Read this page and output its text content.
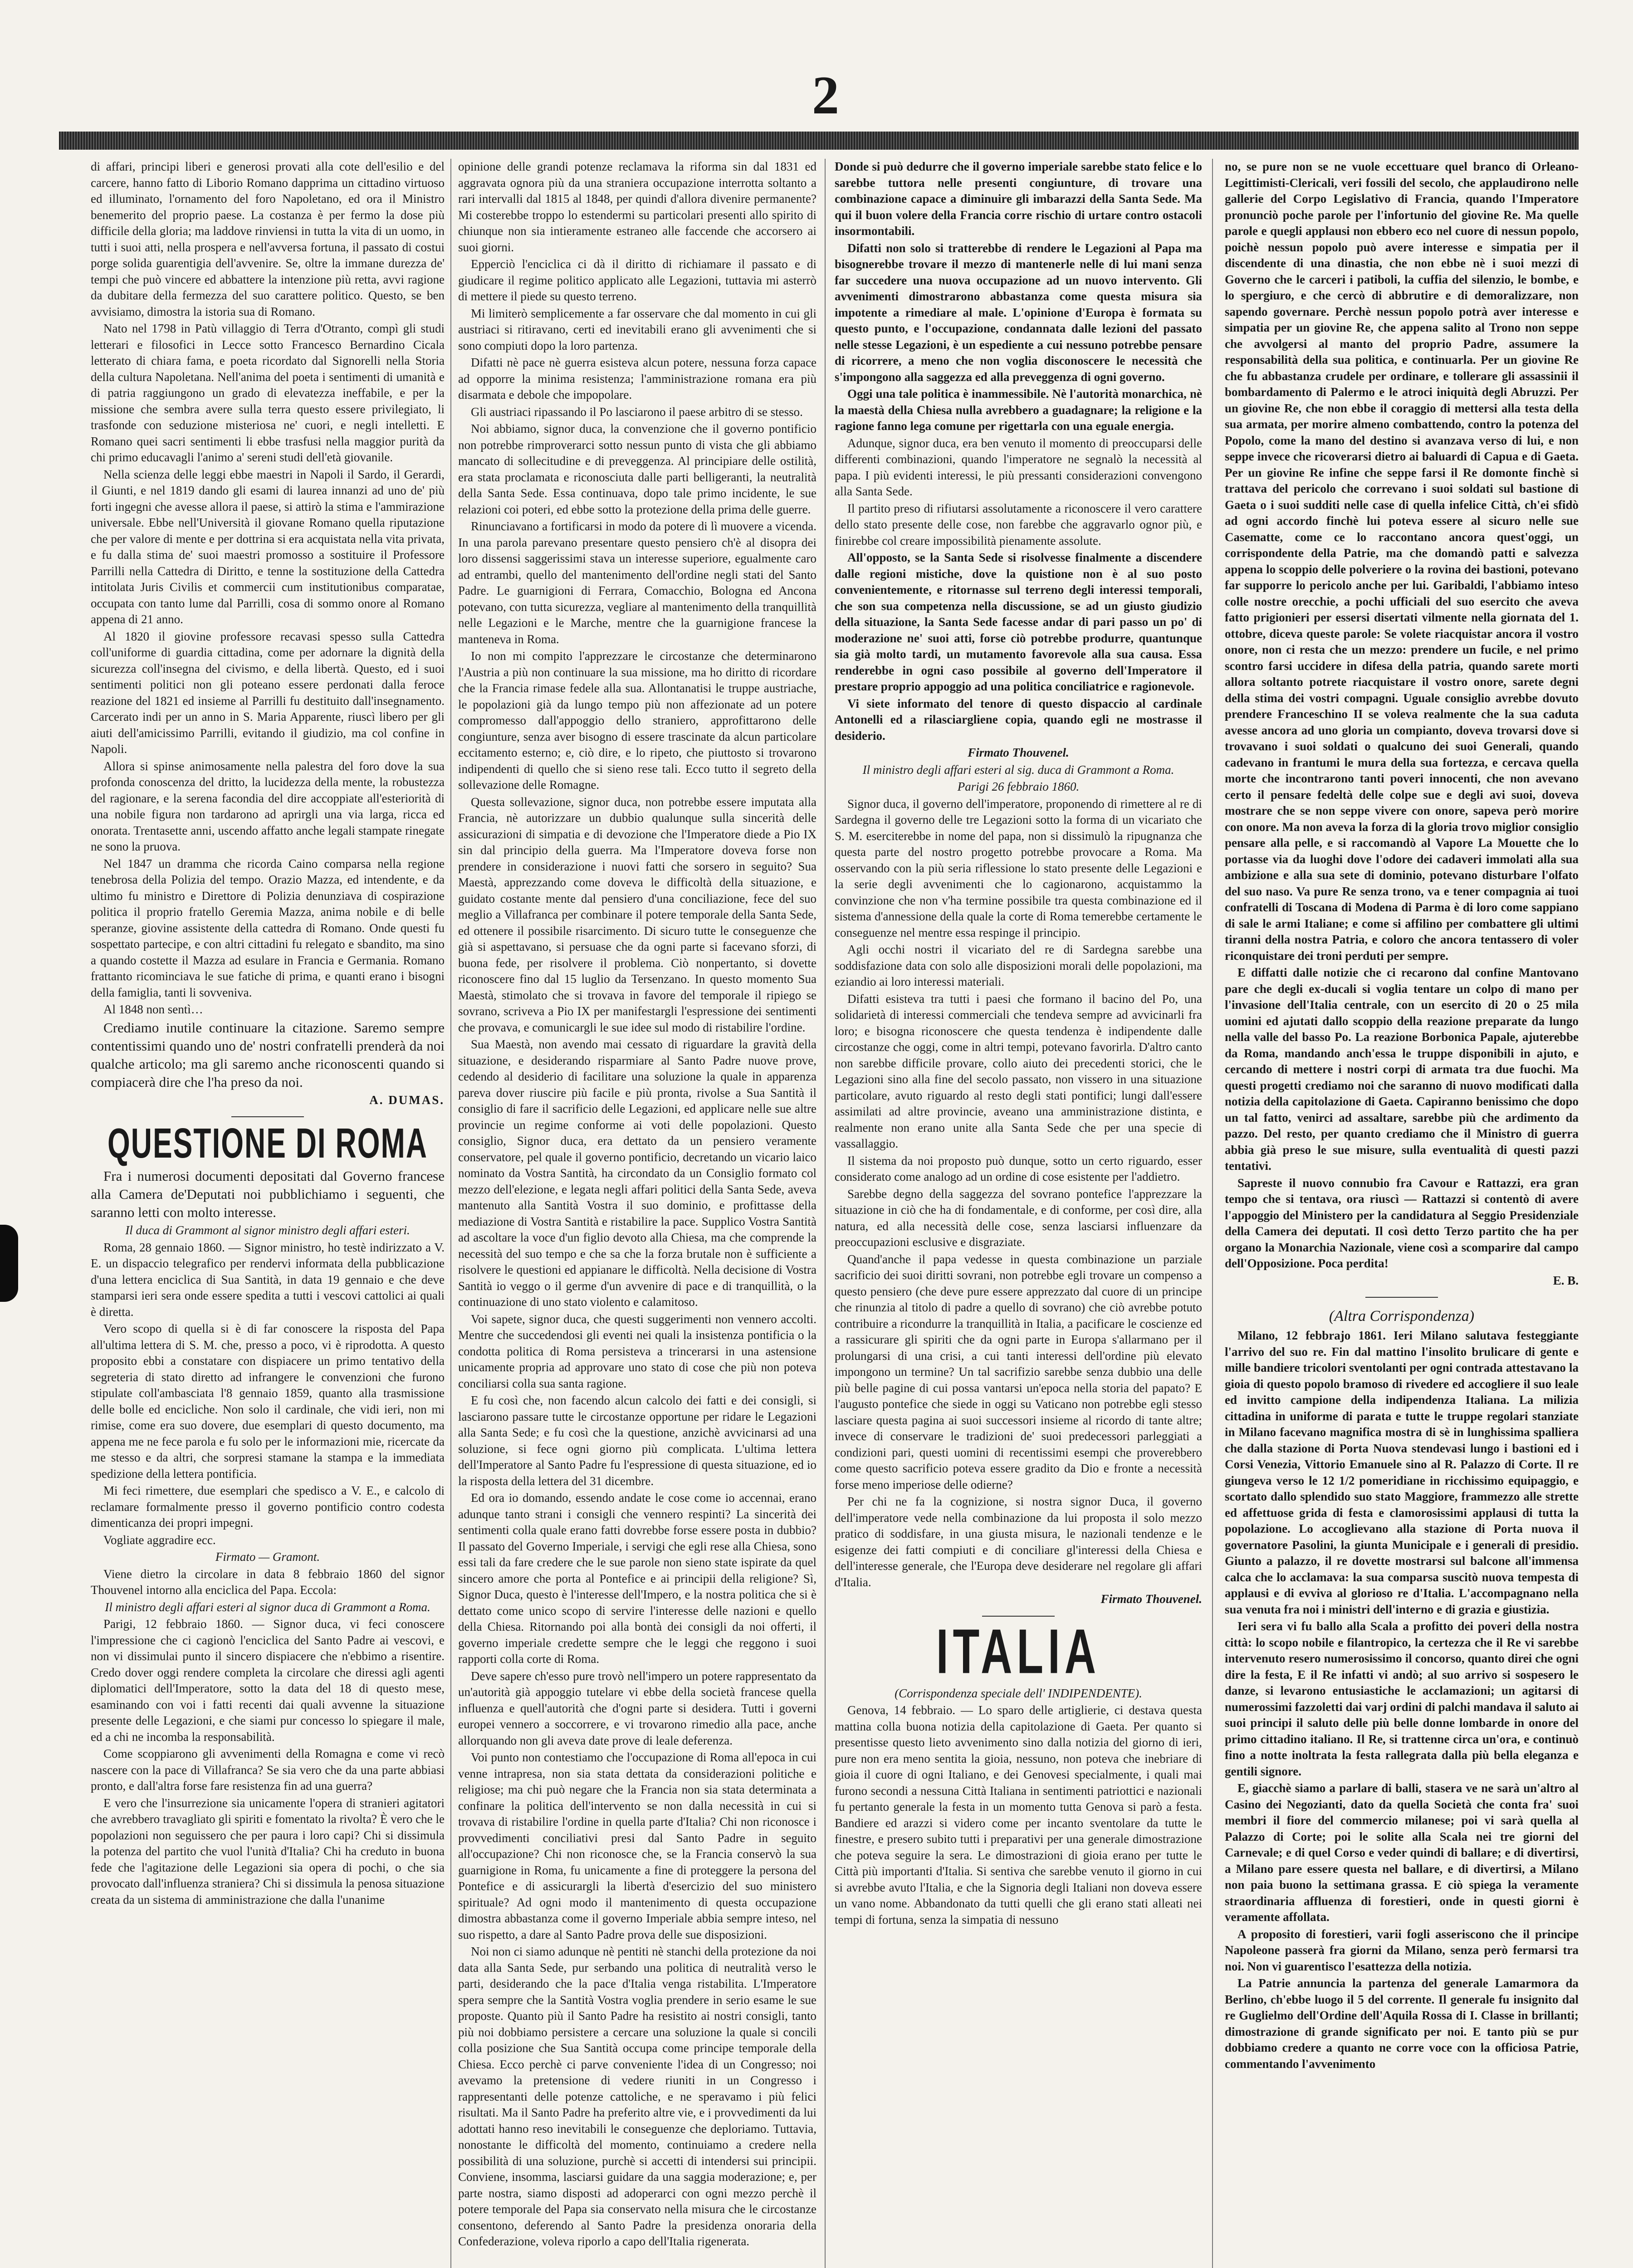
2

di affari, principi liberi e generosi provati alla cote dell'esilio e del carcere, hanno fatto di Liborio Romano dapprima un cittadino virtuoso ed illuminato, l'ornamento del foro Napoletano, ed ora il Ministro benemerito del proprio paese. La costanza è per fermo la dose più difficile della gloria; ma laddove rinviensi in tutta la vita di un uomo, in tutti i suoi atti, nella prospera e nell'avversa fortuna, il passato di costui porge solida guarentigia dell'avvenire. Se, oltre la immane durezza de' tempi che può vincere ed abbattere la intenzione più retta, avvi ragione da dubitare della fermezza del suo carattere politico. Questo, se ben avvisiamo, dimostra la istoria sua di Romano.

Nato nel 1798 in Patù villaggio di Terra d'Otranto, compì gli studi letterari e filosofici in Lecce sotto Francesco Bernardino Cicala letterato di chiara fama, e poeta ricordato dal Signorelli nella Storia della cultura Napoletana. Nell'anima del poeta i sentimenti di umanità e di patria raggiungono un grado di elevatezza ineffabile, e per la missione che sembra avere sulla terra questo essere privilegiato, li trasfonde con seduzione misteriosa ne' cuori, e negli intelletti. E Romano quei sacri sentimenti li ebbe trasfusi nella maggior purità da chi primo educavagli l'animo a' sereni studi dell'età giovanile.

Nella scienza delle leggi ebbe maestri in Napoli il Sardo, il Gerardi, il Giunti, e nel 1819 dando gli esami di laurea innanzi ad uno de' più forti ingegni che avesse allora il paese, si attirò la stima e l'ammirazione universale. Ebbe nell'Università il giovane Romano quella riputazione che per valore di mente e per dottrina si era acquistata nella vita privata, e fu dalla stima de' suoi maestri promosso a sostituire il Professore Parrilli nella Cattedra di Diritto, e tenne la sostituzione della Cattedra intitolata Juris Civilis et commercii cum institutionibus comparatae, occupata con tanto lume dal Parrilli, cosa di sommo onore al Romano appena di 21 anno.

Al 1820 il giovine professore recavasi spesso sulla Cattedra coll'uniforme di guardia cittadina, come per adornare la dignità della sicurezza coll'insegna del civismo, e della libertà. Questo, ed i suoi sentimenti politici non gli poteano essere perdonati dalla feroce reazione del 1821 ed insieme al Parrilli fu destituito dall'insegnamento. Carcerato indi per un anno in S. Maria Apparente, riuscì libero per gli aiuti dell'amicissimo Parrilli, evitando il giudizio, ma col confine in Napoli.

Allora si spinse animosamente nella palestra del foro dove la sua profonda conoscenza del dritto, la lucidezza della mente, la robustezza del ragionare, e la serena facondia del dire accoppiate all'esteriorità di una nobile figura non tardarono ad aprirgli una via larga, ricca ed onorata. Trentasette anni, uscendo affatto anche legali stampate rinegate ne sono la pruova.

Nel 1847 un dramma che ricorda Caino comparsa nella regione tenebrosa della Polizia del tempo. Orazio Mazza, ed intendente, e da ultimo fu ministro e Direttore di Polizia denunziava di cospirazione politica il proprio fratello Geremia Mazza, anima nobile e di belle speranze, giovine assistente della cattedra di Romano. Onde questi fu sospettato partecipe, e con altri cittadini fu relegato e sbandito, ma sino a quando costette il Mazza ad esulare in Francia e Germania. Romano frattanto ricominciava le sue fatiche di prima, e quanti erano i bisogni della famiglia, tanti li sovveniva.

Al 1848 non sentì…

Crediamo inutile continuare la citazione. Saremo sempre contentissimi quando uno de' nostri confratelli prenderà da noi qualche articolo; ma gli saremo anche riconoscenti quando si compiacerà dire che l'ha preso da noi.

A. DUMAS.

QUESTIONE DI ROMA

Fra i numerosi documenti depositati dal Governo francese alla Camera de'Deputati noi pubblichiamo i seguenti, che saranno letti con molto interesse.

Il duca di Grammont al signor ministro degli affari esteri.

Roma, 28 gennaio 1860. — Signor ministro, ho testè indirizzato a V. E. un dispaccio telegrafico per rendervi informata della pubblicazione d'una lettera enciclica di Sua Santità, in data 19 gennaio e che deve stamparsi ieri sera onde essere spedita a tutti i vescovi cattolici ai quali è diretta.

Vero scopo di quella si è di far conoscere la risposta del Papa all'ultima lettera di S. M. che, presso a poco, vi è riprodotta. A questo proposito ebbi a constatare con dispiacere un primo tentativo della segreteria di stato diretto ad infrangere le convenzioni che furono stipulate coll'ambasciata l'8 gennaio 1859, quanto alla trasmissione delle bolle ed encicliche. Non solo il cardinale, che vidi ieri, non mi rimise, come era suo dovere, due esemplari di questo documento, ma appena me ne fece parola e fu solo per le informazioni mie, ricercate da me stesso e da altri, che sorpresi stamane la stampa e la immediata spedizione della lettera pontificia.

Mi feci rimettere, due esemplari che spedisco a V. E., e calcolo di reclamare formalmente presso il governo pontificio contro codesta dimenticanza dei propri impegni.

Vogliate aggradire ecc.

Firmato — Gramont.

Viene dietro la circolare in data 8 febbraio 1860 del signor Thouvenel intorno alla enciclica del Papa. Eccola:

Il ministro degli affari esteri al signor duca di Grammont a Roma.

Parigi, 12 febbraio 1860. — Signor duca, vi feci conoscere l'impressione che ci cagionò l'enciclica del Santo Padre ai vescovi, e non vi dissimulai punto il sincero dispiacere che n'ebbimo a risentire. Credo dover oggi rendere completa la circolare che diressi agli agenti diplomatici dell'Imperatore, sotto la data del 18 di questo mese, esaminando con voi i fatti recenti dai quali avvenne la situazione presente delle Legazioni, e che siami pur concesso lo spiegare il male, ed a chi ne incomba la responsabilità.

Come scoppiarono gli avvenimenti della Romagna e come vi recò nascere con la pace di Villafranca? Se sia vero che da una parte abbiasi pronto, e dall'altra forse fare resistenza fin ad una guerra?

E vero che l'insurrezione sia unicamente l'opera di stranieri agitatori che avrebbero travagliato gli spiriti e fomentato la rivolta? È vero che le popolazioni non seguissero che per paura i loro capi? Chi si dissimula la potenza del partito che vuol l'unità d'Italia? Chi ha creduto in buona fede che l'agitazione delle Legazioni sia opera di pochi, o che sia provocato dall'influenza straniera? Chi si dissimula la penosa situazione creata da un sistema di amministrazione che dalla l'unanime

opinione delle grandi potenze reclamava la riforma sin dal 1831 ed aggravata ognora più da una straniera occupazione interrotta soltanto a rari intervalli dal 1815 al 1848, per quindi d'allora divenire permanente? Mi costerebbe troppo lo estendermi su particolari presenti allo spirito di chiunque non sia intieramente estraneo alle faccende che accorsero ai suoi giorni.

Epperciò l'enciclica ci dà il diritto di richiamare il passato e di giudicare il regime politico applicato alle Legazioni, tuttavia mi asterrò di mettere il piede su questo terreno.

Mi limiterò semplicemente a far osservare che dal momento in cui gli austriaci si ritiravano, certi ed inevitabili erano gli avvenimenti che si sono compiuti dopo la loro partenza.

Difatti nè pace nè guerra esisteva alcun potere, nessuna forza capace ad opporre la minima resistenza; l'amministrazione romana era più disarmata e debole che impopolare.

Gli austriaci ripassando il Po lasciarono il paese arbitro di se stesso.

Noi abbiamo, signor duca, la convenzione che il governo pontificio non potrebbe rimproverarci sotto nessun punto di vista che gli abbiamo mancato di sollecitudine e di preveggenza. Al principiare delle ostilità, era stata proclamata e riconosciuta dalle parti belligeranti, la neutralità della Santa Sede. Essa continuava, dopo tale primo incidente, le sue relazioni coi poteri, ed ebbe sotto la protezione della prima delle guerre.

Rinunciavano a fortificarsi in modo da potere di lì muovere a vicenda. In una parola parevano presentare questo pensiero ch'è al disopra dei loro dissensi saggerissimi stava un interesse superiore, egualmente caro ad entrambi, quello del mantenimento dell'ordine negli stati del Santo Padre. Le guarnigioni di Ferrara, Comacchio, Bologna ed Ancona potevano, con tutta sicurezza, vegliare al mantenimento della tranquillità nelle Legazioni e le Marche, mentre che la guarnigione francese la manteneva in Roma.

Io non mi compito l'apprezzare le circostanze che determinarono l'Austria a più non continuare la sua missione, ma ho diritto di ricordare che la Francia rimase fedele alla sua. Allontanatisi le truppe austriache, le popolazioni già da lungo tempo più non affezionate ad un potere compromesso dall'appoggio dello straniero, approfittarono delle congiunture, senza aver bisogno di essere trascinate da alcun particolare eccitamento esterno; e, ciò dire, e lo ripeto, che piuttosto si trovarono indipendenti di quello che si sieno rese tali. Ecco tutto il segreto della sollevazione delle Romagne.

Questa sollevazione, signor duca, non potrebbe essere imputata alla Francia, nè autorizzare un dubbio qualunque sulla sincerità delle assicurazioni di simpatia e di devozione che l'Imperatore diede a Pio IX sin dal principio della guerra. Ma l'Imperatore doveva forse non prendere in considerazione i nuovi fatti che sorsero in seguito? Sua Maestà, apprezzando come doveva le difficoltà della situazione, e guidato costante mente dal pensiero d'una conciliazione, fece del suo meglio a Villafranca per combinare il potere temporale della Santa Sede, ed ottenere il possibile risarcimento. Di sicuro tutte le conseguenze che già si aspettavano, si persuase che da ogni parte si facevano sforzi, di buona fede, per risolvere il problema. Ciò nonpertanto, si dovette riconoscere fino dal 15 luglio da Tersenzano. In questo momento Sua Maestà, stimolato che si trovava in favore del temporale il ripiego se sovrano, scriveva a Pio IX per manifestargli l'espressione dei sentimenti che provava, e comunicargli le sue idee sul modo di ristabilire l'ordine.

Sua Maestà, non avendo mai cessato di riguardare la gravità della situazione, e desiderando risparmiare al Santo Padre nuove prove, cedendo al desiderio di facilitare una soluzione la quale in apparenza pareva dover riuscire più facile e più pronta, rivolse a Sua Santità il consiglio di fare il sacrificio delle Legazioni, ed applicare nelle sue altre provincie un regime conforme ai voti delle popolazioni. Questo consiglio, Signor duca, era dettato da un pensiero veramente conservatore, pel quale il governo pontificio, decretando un vicario laico nominato da Vostra Santità, ha circondato da un Consiglio formato col mezzo dell'elezione, e legata negli affari politici della Santa Sede, aveva mantenuto alla Santità Vostra il suo dominio, e profittasse della mediazione di Vostra Santità e ristabilire la pace. Supplico Vostra Santità ad ascoltare la voce d'un figlio devoto alla Chiesa, ma che comprende la necessità del suo tempo e che sa che la forza brutale non è sufficiente a risolvere le questioni ed appianare le difficoltà. Nella decisione di Vostra Santità io veggo o il germe d'un avvenire di pace e di tranquillità, o la continuazione di uno stato violento e calamitoso.

Voi sapete, signor duca, che questi suggerimenti non vennero accolti. Mentre che succedendosi gli eventi nei quali la insistenza pontificia o la condotta politica di Roma persisteva a trincerarsi in una astensione unicamente propria ad approvare uno stato di cose che più non poteva conciliarsi colla sua santa ragione.

E fu così che, non facendo alcun calcolo dei fatti e dei consigli, si lasciarono passare tutte le circostanze opportune per ridare le Legazioni alla Santa Sede; e fu così che la questione, anzichè avvicinarsi ad una soluzione, si fece ogni giorno più complicata. L'ultima lettera dell'Imperatore al Santo Padre fu l'espressione di questa situazione, ed io la risposta della lettera del 31 dicembre.

Ed ora io domando, essendo andate le cose come io accennai, erano adunque tanto strani i consigli che vennero respinti? La sincerità dei sentimenti colla quale erano fatti dovrebbe forse essere posta in dubbio? Il passato del Governo Imperiale, i servigi che egli rese alla Chiesa, sono essi tali da fare credere che le sue parole non sieno state ispirate da quel sincero amore che porta al Pontefice e ai principii della religione? Sì, Signor Duca, questo è l'interesse dell'Impero, e la nostra politica che si è dettato come unico scopo di servire l'interesse delle nazioni e quello della Chiesa. Ritornando poi alla bontà dei consigli da noi offerti, il governo imperiale credette sempre che le leggi che reggono i suoi rapporti colla corte di Roma.

Deve sapere ch'esso pure trovò nell'impero un potere rappresentato da un'autorità già appoggio tutelare vi ebbe della società francese quella influenza e quell'autorità che d'ogni parte si desidera. Tutti i governi europei vennero a soccorrere, e vi trovarono rimedio alla pace, anche allorquando non gli aveva date prove di leale deferenza.

Voi punto non contestiamo che l'occupazione di Roma all'epoca in cui venne intrapresa, non sia stata dettata da considerazioni politiche e religiose; ma chi può negare che la Francia non sia stata determinata a confinare la politica dell'intervento se non dalla necessità in cui si trovava di ristabilire l'ordine in quella parte d'Italia? Chi non riconosce i provvedimenti conciliativi presi dal Santo Padre in seguito all'occupazione? Chi non riconosce che, se la Francia conservò la sua guarnigione in Roma, fu unicamente a fine di proteggere la persona del Pontefice e di assicurargli la libertà d'esercizio del suo ministero spirituale? Ad ogni modo il mantenimento di questa occupazione dimostra abbastanza come il governo Imperiale abbia sempre inteso, nel suo rispetto, a dare al Santo Padre prova delle sue disposizioni.

Noi non ci siamo adunque nè pentiti nè stanchi della protezione da noi data alla Santa Sede, pur serbando una politica di neutralità verso le parti, desiderando che la pace d'Italia venga ristabilita. L'Imperatore spera sempre che la Santità Vostra voglia prendere in serio esame le sue proposte. Quanto più il Santo Padre ha resistito ai nostri consigli, tanto più noi dobbiamo persistere a cercare una soluzione la quale si concili colla posizione che Sua Santità occupa come principe temporale della Chiesa. Ecco perchè ci parve conveniente l'idea di un Congresso; noi avevamo la pretensione di vedere riuniti in un Congresso i rappresentanti delle potenze cattoliche, e ne speravamo i più felici risultati. Ma il Santo Padre ha preferito altre vie, e i provvedimenti da lui adottati hanno reso inevitabili le conseguenze che deploriamo. Tuttavia, nonostante le difficoltà del momento, continuiamo a credere nella possibilità di una soluzione, purchè si accetti di intendersi sui principii. Conviene, insomma, lasciarsi guidare da una saggia moderazione; e, per parte nostra, siamo disposti ad adoperarci con ogni mezzo perchè il potere temporale del Papa sia conservato nella misura che le circostanze consentono, deferendo al Santo Padre la presidenza onoraria della Confederazione, voleva riporlo a capo dell'Italia rigenerata.

Donde si può dedurre che il governo imperiale sarebbe stato felice e lo sarebbe tuttora nelle presenti congiunture, di trovare una combinazione capace a diminuire gli imbarazzi della Santa Sede. Ma qui il buon volere della Francia corre rischio di urtare contro ostacoli insormontabili.

Difatti non solo si tratterebbe di rendere le Legazioni al Papa ma bisognerebbe trovare il mezzo di mantenerle nelle di lui mani senza far succedere una nuova occupazione ad un nuovo intervento. Gli avvenimenti dimostrarono abbastanza come questa misura sia impotente a rimediare al male. L'opinione d'Europa è formata su questo punto, e l'occupazione, condannata dalle lezioni del passato nelle stesse Legazioni, è un espediente a cui nessuno potrebbe pensare di ricorrere, a meno che non voglia disconoscere le necessità che s'impongono alla saggezza ed alla preveggenza di ogni governo.

Oggi una tale politica è inammessibile. Nè l'autorità monarchica, nè la maestà della Chiesa nulla avrebbero a guadagnare; la religione e la ragione fanno lega comune per rigettarla con una eguale energia.

Adunque, signor duca, era ben venuto il momento di preoccuparsi delle differenti combinazioni, quando l'imperatore ne segnalò la necessità al papa. I più evidenti interessi, le più pressanti considerazioni convengono alla Santa Sede.

Il partito preso di rifiutarsi assolutamente a riconoscere il vero carattere dello stato presente delle cose, non farebbe che aggravarlo ognor più, e finirebbe col creare impossibilità pienamente assolute.

All'opposto, se la Santa Sede si risolvesse finalmente a discendere dalle regioni mistiche, dove la quistione non è al suo posto convenientemente, e ritornasse sul terreno degli interessi temporali, che son sua competenza nella discussione, se ad un giusto giudizio della situazione, la Santa Sede facesse andar di pari passo un po' di moderazione ne' suoi atti, forse ciò potrebbe produrre, quantunque sia già molto tardi, un mutamento favorevole alla sua causa. Essa renderebbe in ogni caso possibile al governo dell'Imperatore il prestare proprio appoggio ad una politica conciliatrice e ragionevole.

Vi siete informato del tenore di questo dispaccio al cardinale Antonelli ed a rilasciargliene copia, quando egli ne mostrasse il desiderio.

Firmato Thouvenel.

Il ministro degli affari esteri al sig. duca di Grammont a Roma.

Parigi 26 febbraio 1860.

Signor duca, il governo dell'imperatore, proponendo di rimettere al re di Sardegna il governo delle tre Legazioni sotto la forma di un vicariato che S. M. eserciterebbe in nome del papa, non si dissimulò la ripugnanza che questa parte del nostro progetto potrebbe provocare a Roma. Ma osservando con la più seria riflessione lo stato presente delle Legazioni e la serie degli avvenimenti che lo cagionarono, acquistammo la convinzione che non v'ha termine possibile tra questa combinazione ed il sistema d'annessione della quale la corte di Roma temerebbe certamente le conseguenze nel mentre essa respinge il principio.

Agli occhi nostri il vicariato del re di Sardegna sarebbe una soddisfazione data con solo alle disposizioni morali delle popolazioni, ma eziandio ai loro interessi materiali.

Difatti esisteva tra tutti i paesi che formano il bacino del Po, una solidarietà di interessi commerciali che tendeva sempre ad avvicinarli fra loro; e bisogna riconoscere che questa tendenza è indipendente dalle circostanze che oggi, come in altri tempi, potevano favorirla. D'altro canto non sarebbe difficile provare, collo aiuto dei precedenti storici, che le Legazioni sino alla fine del secolo passato, non vissero in una situazione particolare, avuto riguardo al resto degli stati pontifici; lungi dall'essere assimilati ad altre provincie, aveano una amministrazione distinta, e realmente non erano unite alla Santa Sede che per una specie di vassallaggio.

Il sistema da noi proposto può dunque, sotto un certo riguardo, esser considerato come analogo ad un ordine di cose esistente per l'addietro.

Sarebbe degno della saggezza del sovrano pontefice l'apprezzare la situazione in ciò che ha di fondamentale, e di conforme, per così dire, alla natura, ed alla necessità delle cose, senza lasciarsi influenzare da preoccupazioni esclusive e disgraziate.

Quand'anche il papa vedesse in questa combinazione un parziale sacrificio dei suoi diritti sovrani, non potrebbe egli trovare un compenso a questo pensiero (che deve pure essere apprezzato dal cuore di un principe che rinunzia al titolo di padre a quello di sovrano) che ciò avrebbe potuto contribuire a ricondurre la tranquillità in Italia, a pacificare le coscienze ed a rassicurare gli spiriti che da ogni parte in Europa s'allarmano per il prolungarsi di una crisi, a cui tanti interessi dell'ordine più elevato impongono un termine? Un tal sacrifizio sarebbe senza dubbio una delle più belle pagine di cui possa vantarsi un'epoca nella storia del papato? E l'augusto pontefice che siede in oggi su Vaticano non potrebbe egli stesso lasciare questa pagina ai suoi successori insieme al ricordo di tante altre; invece di conservare le tradizioni de' suoi predecessori parleggiati a condizioni pari, questi uomini di recentissimi esempi che proverebbero come questo sacrificio poteva essere gradito da Dio e fronte a necessità forse meno imperiose delle odierne?

Per chi ne fa la cognizione, si nostra signor Duca, il governo dell'imperatore vede nella combinazione da lui proposta il solo mezzo pratico di soddisfare, in una giusta misura, le nazionali tendenze e le esigenze dei fatti compiuti e di conciliare gl'interessi della Chiesa e dell'interesse generale, che l'Europa deve desiderare nel regolare gli affari d'Italia.

Firmato Thouvenel.

ITALIA

(Corrispondenza speciale dell' INDIPENDENTE).

Genova, 14 febbraio. — Lo sparo delle artiglierie, ci destava questa mattina colla buona notizia della capitolazione di Gaeta. Per quanto si presentisse questo lieto avvenimento sino dalla notizia del giorno di ieri, pure non era meno sentita la gioia, nessuno, non poteva che inebriare di gioia il cuore di ogni Italiano, e dei Genovesi specialmente, i quali mai furono secondi a nessuna Città Italiana in sentimenti patriottici e nazionali fu pertanto generale la festa in un momento tutta Genova si parò a festa. Bandiere ed arazzi si videro come per incanto sventolare da tutte le finestre, e presero subito tutti i preparativi per una generale dimostrazione che poteva seguire la sera. Le dimostrazioni di gioia erano per tutte le Città più importanti d'Italia. Si sentiva che sarebbe venuto il giorno in cui si avrebbe avuto l'Italia, e che la Signoria degli Italiani non doveva essere un vano nome. Abbandonato da tutti quelli che gli erano stati alleati nei tempi di fortuna, senza la simpatia di nessuno

no, se pure non se ne vuole eccettuare quel branco di Orleano-Legittimisti-Clericali, veri fossili del secolo, che applaudirono nelle gallerie del Corpo Legislativo di Francia, quando l'Imperatore pronunciò poche parole per l'infortunio del giovine Re. Ma quelle parole e quegli applausi non ebbero eco nel cuore di nessun popolo, poichè nessun popolo può avere interesse e simpatia per il discendente di una dinastia, che non ebbe nè i suoi mezzi di Governo che le carceri i patiboli, la cuffia del silenzio, le bombe, e lo spergiuro, e che cercò di abbrutire e di demoralizzare, non sapendo governare. Perchè nessun popolo potrà aver interesse e simpatia per un giovine Re, che appena salito al Trono non seppe che avvolgersi al manto del proprio Padre, assumere la responsabilità della sua politica, e continuarla. Per un giovine Re che fu abbastanza crudele per ordinare, e tollerare gli assassinii il bombardamento di Palermo e le atroci iniquità degli Abruzzi. Per un giovine Re, che non ebbe il coraggio di mettersi alla testa della sua armata, per morire almeno combattendo, contro la potenza del Popolo, come la mano del destino si avanzava verso di lui, e non seppe invece che ricoverarsi dietro ai baluardi di Capua e di Gaeta. Per un giovine Re infine che seppe farsi il Re domonte finchè si trattava del pericolo che correvano i suoi soldati sul bastione di Gaeta o i suoi sudditi nelle case di quella infelice Città, ch'ei sfidò ad ogni accordo finchè lui poteva essere al sicuro nelle sue Casematte, come ce lo raccontano ancora quest'oggi, un corrispondente della Patrie, ma che domandò patti e salvezza appena lo scoppio delle polveriere o la rovina dei bastioni, potevano far supporre lo pericolo anche per lui. Garibaldi, l'abbiamo inteso colle nostre orecchie, a pochi ufficiali del suo esercito che aveva fatto prigionieri per essersi disertati vilmente nella giornata del 1. ottobre, diceva queste parole: Se volete riacquistar ancora il vostro onore, non ci resta che un mezzo: prendere un fucile, e nel primo scontro farsi uccidere in difesa della patria, quando sarete morti allora soltanto potrete riacquistare il vostro onore, sarete degni della stima dei vostri compagni. Uguale consiglio avrebbe dovuto prendere Franceschino II se voleva realmente che la sua caduta avesse ancora ad uno gloria un compianto, doveva trovarsi dove si trovavano i suoi soldati o qualcuno dei suoi Generali, quando cadevano in frantumi le mura della sua fortezza, e cercava quella morte che incontrarono tanti poveri innocenti, che non avevano certo il pensare fedeltà delle colpe sue e degli avi suoi, doveva mostrare che se non seppe vivere con onore, sapeva però morire con onore. Ma non aveva la forza di la gloria trovo miglior consiglio pensare alla pelle, e si raccomandò al Vapore La Mouette che lo portasse via da luoghi dove l'odore dei cadaveri immolati alla sua ambizione e alla sua sete di dominio, potevano disturbare l'olfato del suo naso. Va pure Re senza trono, va e tener compagnia ai tuoi confratelli di Toscana di Modena di Parma è di loro come sappiano di sale le armi Italiane; e come si affilino per combattere gli ultimi tiranni della nostra Patria, e coloro che ancora tentassero di voler riconquistare dei troni perduti per sempre.

E diffatti dalle notizie che ci recarono dal confine Mantovano pare che degli ex-ducali si voglia tentare un colpo di mano per l'invasione dell'Italia centrale, con un esercito di 20 o 25 mila uomini ed ajutati dallo scoppio della reazione preparate da lungo nella valle del basso Po. La reazione Borbonica Papale, ajuterebbe da Roma, mandando anch'essa le truppe disponibili in ajuto, e cercando di mettere i nostri corpi di armata tra due fuochi. Ma questi progetti crediamo noi che saranno di nuovo modificati dalla notizia della capitolazione di Gaeta. Capiranno benissimo che dopo un tal fatto, venirci ad assaltare, sarebbe più che ardimento da pazzo. Del resto, per quanto crediamo che il Ministro di guerra abbia già preso le sue misure, sulla eventualità di questi pazzi tentativi.

Sapreste il nuovo connubio fra Cavour e Rattazzi, era gran tempo che si tentava, ora riuscì — Rattazzi si contentò di avere l'appoggio del Ministero per la candidatura al Seggio Presidenziale della Camera dei deputati. Il così detto Terzo partito che ha per organo la Monarchia Nazionale, viene così a scomparire dal campo dell'Opposizione. Poca perdita!

E. B.

(Altra Corrispondenza)

Milano, 12 febbrajo 1861. Ieri Milano salutava festeggiante l'arrivo del suo re. Fin dal mattino l'insolito brulicare di gente e mille bandiere tricolori sventolanti per ogni contrada attestavano la gioia di questo popolo bramoso di rivedere ed accogliere il suo leale ed invitto campione della indipendenza Italiana. La milizia cittadina in uniforme di parata e tutte le truppe regolari stanziate in Milano facevano magnifica mostra di sè in lunghissima spalliera che dalla stazione di Porta Nuova stendevasi lungo i bastioni ed i Corsi Venezia, Vittorio Emanuele sino al R. Palazzo di Corte. Il re giungeva verso le 12 1/2 pomeridiane in ricchissimo equipaggio, e scortato dallo splendido suo stato Maggiore, frammezzo alle strette ed affettuose grida di festa e clamorosissimi applausi di tutta la popolazione. Lo accoglievano alla stazione di Porta nuova il governatore Pasolini, la giunta Municipale e i generali di presidio. Giunto a palazzo, il re dovette mostrarsi sul balcone all'immensa calca che lo acclamava: la sua comparsa suscitò nuova tempesta di applausi e di evviva al glorioso re d'Italia. L'accompagnano nella sua venuta fra noi i ministri dell'interno e di grazia e giustizia.

Ieri sera vi fu ballo alla Scala a profitto dei poveri della nostra città: lo scopo nobile e filantropico, la certezza che il Re vi sarebbe intervenuto resero numerosissimo il concorso, quanto direi che ogni dire la festa, E il Re infatti vi andò; al suo arrivo si sospesero le danze, si levarono entusiastiche le acclamazioni; un agitarsi di numerossimi fazzoletti dai varj ordini di palchi mandava il saluto ai suoi principi il saluto delle più belle donne lombarde in onore del primo cittadino italiano. Il Re, si trattenne circa un'ora, e continuò fino a notte inoltrata la festa rallegrata dalla più bella eleganza e gentili signore.

E, giacchè siamo a parlare di balli, stasera ve ne sarà un'altro al Casino dei Negozianti, dato da quella Società che conta fra' suoi membri il fiore del commercio milanese; poi vi sarà quella al Palazzo di Corte; poi le solite alla Scala nei tre giorni del Carnevale; e di quel Corso e veder quindi di ballare; e di divertirsi, a Milano pare essere questa nel ballare, e di divertirsi, a Milano non paia buono la settimana grassa. E ciò spiega la veramente straordinaria affluenza di forestieri, onde in questi giorni è veramente affollata.

A proposito di forestieri, varii fogli asseriscono che il principe Napoleone passerà fra giorni da Milano, senza però fermarsi tra noi. Non vi guarentisco l'esattezza della notizia.

La Patrie annuncia la partenza del generale Lamarmora da Berlino, ch'ebbe luogo il 5 del corrente. Il generale fu insignito dal re Guglielmo dell'Ordine dell'Aquila Rossa di I. Classe in brillanti; dimostrazione di grande significato per noi. E tanto più se pur dobbiamo credere a quanto ne corre voce con la officiosa Patrie, commentando l'avvenimento
